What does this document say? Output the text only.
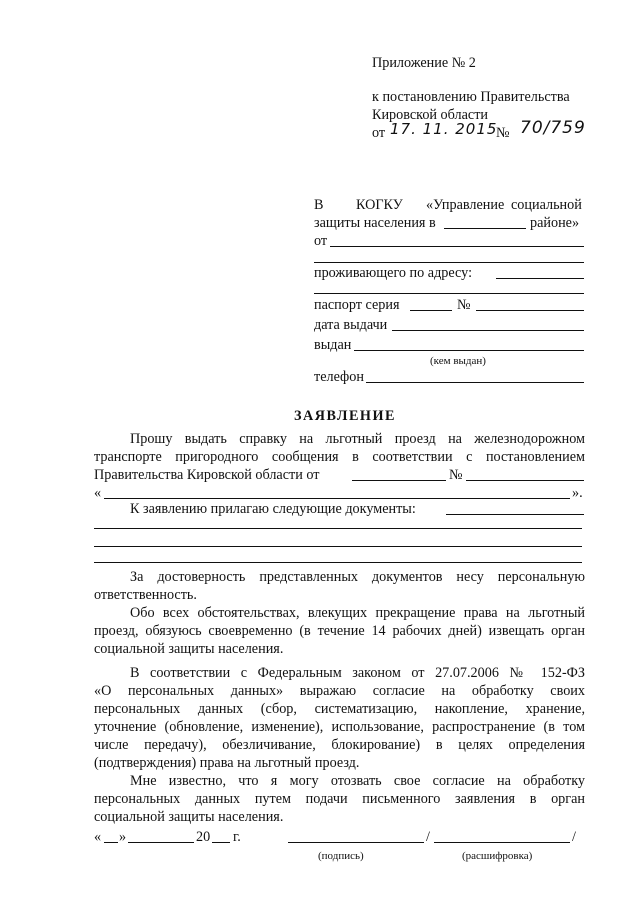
Приложение № 2
к постановлению Правительства
Кировской области
от 17. 11. 2015
№ 70/759
В КОГКУ «Управление социальной
защиты населения в	районе»
от
проживающего по адресу:
паспорт серия	№
дата выдачи
выдан
(кем выдан)
телефон
ЗАЯВЛЕНИЕ
Прошу выдать справку на льготный проезд на железнодорожном
транспорте пригородного сообщения в соответствии с постановлением
Правительства Кировской области от	№
«	».
К заявлению прилагаю следующие документы:
За достоверность представленных документов несу персональную
ответственность.
Обо всех обстоятельствах, влекущих прекращение права на льготный
проезд, обязуюсь своевременно (в течение 14 рабочих дней) извещать орган
социальной защиты населения.
В соответствии с Федеральным законом от 27.07.2006 № 152-ФЗ
«О персональных данных» выражаю согласие на обработку своих
персональных данных (сбор, систематизацию, накопление, хранение,
уточнение (обновление, изменение), использование, распространение (в том
числе передачу), обезличивание, блокирование) в целях определения
(подтверждения) права на льготный проезд.
Мне известно, что я могу отозвать свое согласие на обработку
персональных данных путем подачи письменного заявления в орган
социальной защиты населения.
« »	20 г.	/	/
(подпись)	(расшифровка)
